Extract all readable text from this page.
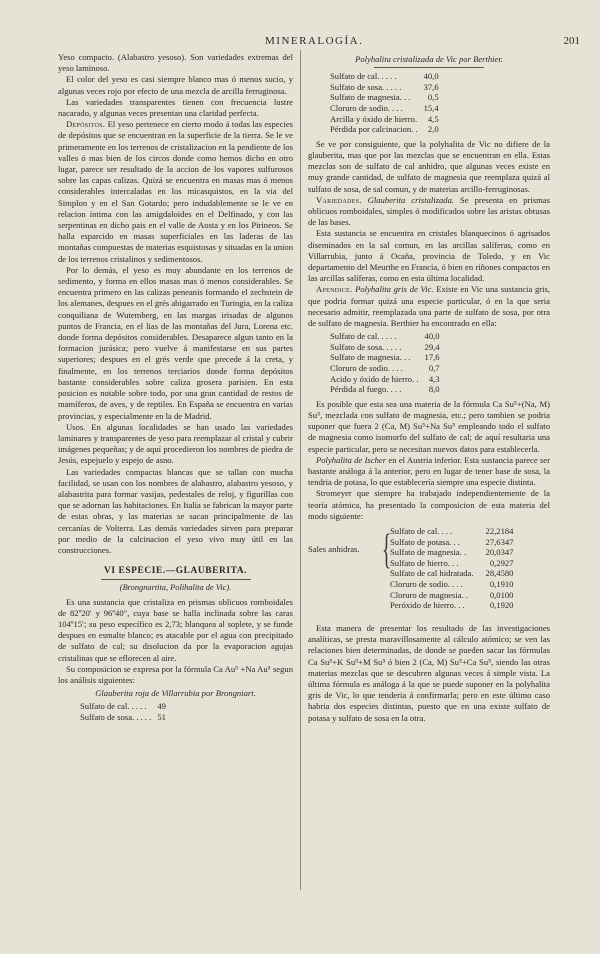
MINERALOGÍA.	201

Yeso compacto. (Alabastro yesoso). Son variedades extremas del yeso laminoso.

El color del yeso es casi siempre blanco mas ó menos sucio, y algunas veces rojo por efecto de una mezcla de arcilla ferruginosa.

Las variedades transparentes tienen con frecuencia lustre nacarado, y algunas veces presentan una claridad perfecta.

Depósitos. El yeso pertenece en cierto modo á todas las especies de depósitos que se encuentran en la superficie de la tierra. Se le ve primeramente en los terrenos de cristalizacion en la pendiente de los valles ó mas bien de los circos donde como hemos dicho en otro lugar, parece ser resultado de la accion de los vapores sulfurosos sobre las capas calizas. Quizá se encuentra en masas mas ó menos considerables intercaladas en los micasquistos, en la via del Simplon y en el San Gotardo; pero indudablemente se le ve en relacion íntima con las amigdaloides en el Delfinado, y con las serpentinas en dicho pais en el valle de Aosta y en los Pirineos. Se halla esparcido en masas superficiales en las laderas de las montañas compuestas de materias esquistosas y situadas en la union de los terrenos cristalinos y sedimentosos.

Por lo demás, el yeso es muy abundante en los terrenos de sedimento, y forma en ellos masas mas ó menos considerables. Se encuentra primero en las calizas peneanis formando el zechstein de los alemanes, despues en el grés abigarrado en Turingia, en la caliza conquiliana de Wutemberg, en las margas irisadas de algunos puntos de Francia, en el lias de las montañas del Jura, Lorena etc. donde forma depósitos considerables. Desaparece algun tanto en la formacion jurásica; pero vuelve á manifestarse en sus partes superiores; despues en el grés verde que precede á la creta, y finalmente, en los terrenos terciarios donde forma depósitos bastante considerables sobre caliza grosera parisien. En esta posicion es notable sobre todo, por una gran cantidad de restos de mamíferos, de aves, y de reptiles. En España se encuentra en varias provincias, y especialmente en la de Madrid.

Usos. En algunas localidades se han usado las variedades laminares y transparentes de yeso para reemplazar al cristal y cubrir imágenes pequeñas; y de aquí procedieron los nombres de piedra de Jesús, espejuelo y espejo de asno.

Las variedades compactas blancas que se tallan con mucha facilidad, se usan con los nombres de alabastro, alabastro yesoso, y alabastrita para formar vasijas, pedestales de reloj, y figurillas con que se adornan las habitaciones. En Italia se fabrican la mayor parte de estas obras, y las materias se sacan principalmente de las cercanías de Volterra. Las demás variedades sirven para preparar por medio de la calcinacion el yeso vivo muy útil en las construcciones.

VI ESPECIE.—GLAUBERITA.
(Brongnartita, Polihalita de Vic).

Es una sustancia que cristaliza en prismas oblicuos romboidales de 82º20′ y 96º40″, cuya base se halla inclinada sobre las caras 104º15′; su peso específico es 2,73; blanquea al soplete, y se funde despues en esmalte blanco; es atacable por el agua con precipitado de sulfato de cal; su disolucion da por la evaporacion agujas cristalinas que se eflorecen al aire.

Su composicion se expresa por la fórmula Ca Au⁵ +Na Au⁵ segun los análisis siguientes:

Glauberita roja de Villarrubia por Brongniart.
Sulfato de cal. . . . .	49
Sulfato de sosa. . . . .	51
Polyhalita cristalizada de Vic por Berthier.
Sulfato de cal. . . . .	40,0
Sulfato de sosa. . . . .	37,6
Sulfato de magnesia. . .	0,5
Cloruro de sodio. . . .	15,4
Arcilla y óxido de hierro.	4,5
Pérdida por calcinacion. .	2,0

Se ve por consiguiente, que la polyhalita de Vic no difiere de la glauberita, mas que por las mezclas que se encuentran en ella. Estas mezclas son de sulfato de cal anhidro, que algunas veces existe en muy grande cantidad, de sulfato de magnesia que reemplaza quizá al sulfato de sosa, de sal comun, y de materias arcillo-ferruginosas.

Variedades. Glauberita cristalizada. Se presenta en prismas oblicuos romboidales, simples ó modificados sobre las aristas obtusas de las bases.

Esta sustancia se encuentra en cristales blanquecinos ó agrisados diseminados en la sal comun, en las arcillas salíferas, como en Villarrubia, junto á Ocaña, provincia de Toledo, y en Vic departamento del Meurthe en Francia, ó bien en riñones compactos en las arcillas salíferas, como en esta última localidad.

Apendice. Polyhalita gris de Vic. Existe en Vic una sustancia gris, que podria formar quizá una especie particular, ó en la que seria necesario admitir, reemplazada una parte de sulfato de sosa, por otra de sulfato de magnesia. Berthier ha encontrado en ella:

Sulfato de cal. . . . .	40,0
Sulfato de sosa. . . . .	29,4
Sulfato de magnesia. . .	17,6
Cloruro de sodio. . . .	0,7
Acido y óxido de hierro. .	4,3
Pérdida al fuego. . . .	8,0

Es posible que esta sea una materia de la fórmula Ca Su⁵+(Na, M) Su⁵, mezclada con sulfato de magnesia, etc.; pero tambien se podria suponer que fuera 2 (Ca, M) Su⁵+Na Su⁵ empleando todo el sulfato de magnesia como isomorfo del sulfato de cal; de aquí resultaria una especie particular, pero se necesitan nuevos datos para establecerla.

Polyhalita de Ischer en el Austria inferior. Esta sustancia parece ser bastante análoga á la anterior, pero en lugar de tener base de sosa, la tendria de potasa, lo que establecería siempre una especie distinta.

Stromeyer que siempre ha trabajado independientemente de la teoría atómica, ha presentado la composicion de esta materia del modo siguiente:

Sales anhidras. {
Sulfato de cal. . . .	22,2184
Sulfato de potasa. . .	27,6347
Sulfato de magnesia. .	20,0347
Sulfato de hierro. . .	0,2927
Sulfato de cal hidratada.	28,4580
Cloruro de sodio. . . .	0,1910
Cloruro de magnesia. .	0,0100
Peróxido de hierro. . .	0,1920

Esta manera de presentar los resultado de las investigaciones analíticas, se presta maravillosamente al cálculo atómico; se ven las relaciones bien determinadas, de donde se pueden sacar las fórmulas Ca Su⁵+K Su⁵+M Su⁵ ó bien 2 (Ca, M) Su⁵+Ca Su⁵, siendo las otras materias mezclas que se descubren algunas veces á simple vista. La última fórmula es análoga á la que se puede suponer en la polyhalita gris de Vic, lo que tenderia á confirmarla; pero en este último caso habria dos especies distintas, puesto que en una existe sulfato de potasa y sulfato de sosa en la otra.
